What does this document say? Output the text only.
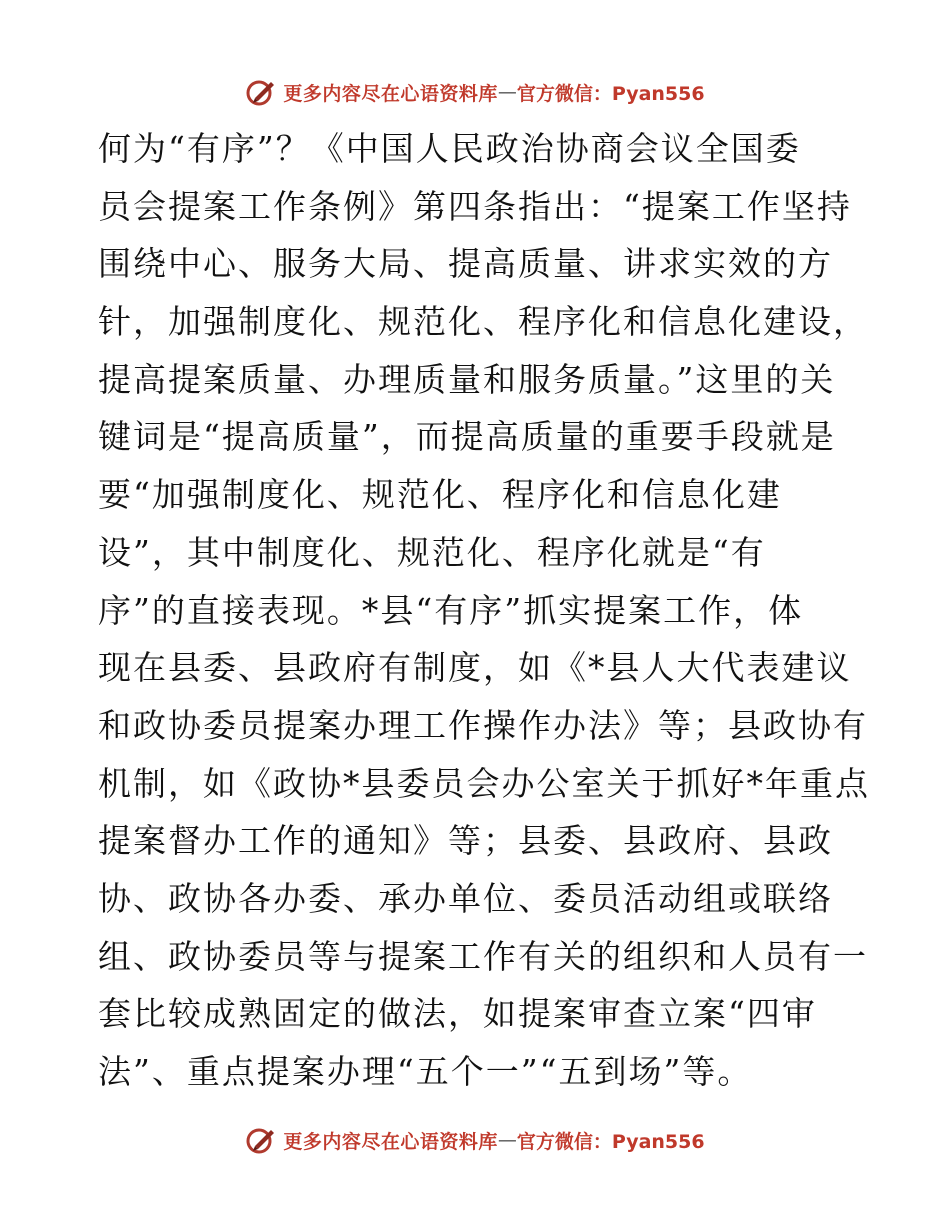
更多内容尽在心语资料库 — 官方微信：Pyan556
何为“有序”？《中国人民政治协商会议全国委
员会提案工作条例》第四条指出：“提案工作坚持
围绕中心、服务大局、提高质量、讲求实效的方
针，加强制度化、规范化、程序化和信息化建设，
提高提案质量、办理质量和服务质量。”这里的关
键词是“提高质量”，而提高质量的重要手段就是
要“加强制度化、规范化、程序化和信息化建
设”，其中制度化、规范化、程序化就是“有
序”的直接表现。*县“有序”抓实提案工作，体
现在县委、县政府有制度，如《*县人大代表建议
和政协委员提案办理工作操作办法》等；县政协有
机制，如《政协*县委员会办公室关于抓好*年重点
提案督办工作的通知》等；县委、县政府、县政
协、政协各办委、承办单位、委员活动组或联络
组、政协委员等与提案工作有关的组织和人员有一
套比较成熟固定的做法，如提案审查立案“四审
法”、重点提案办理“五个一”“五到场”等。
更多内容尽在心语资料库 — 官方微信：Pyan556
